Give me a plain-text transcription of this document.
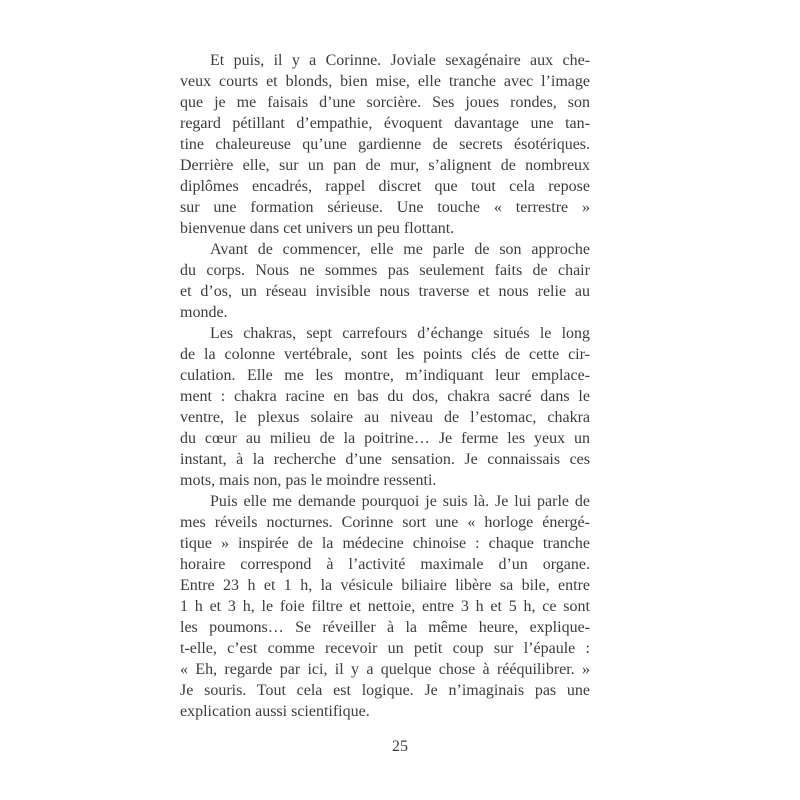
Et puis, il y a Corinne. Joviale sexagénaire aux che-
veux courts et blonds, bien mise, elle tranche avec l’image
que je me faisais d’une sorcière. Ses joues rondes, son
regard pétillant d’empathie, évoquent davantage une tan-
tine chaleureuse qu’une gardienne de secrets ésotériques.
Derrière elle, sur un pan de mur, s’alignent de nombreux
diplômes encadrés, rappel discret que tout cela repose
sur une formation sérieuse. Une touche « terrestre »
bienvenue dans cet univers un peu flottant.
Avant de commencer, elle me parle de son approche
du corps. Nous ne sommes pas seulement faits de chair
et d’os, un réseau invisible nous traverse et nous relie au
monde.
Les chakras, sept carrefours d’échange situés le long
de la colonne vertébrale, sont les points clés de cette cir-
culation. Elle me les montre, m’indiquant leur emplace-
ment : chakra racine en bas du dos, chakra sacré dans le
ventre, le plexus solaire au niveau de l’estomac, chakra
du cœur au milieu de la poitrine… Je ferme les yeux un
instant, à la recherche d’une sensation. Je connaissais ces
mots, mais non, pas le moindre ressenti.
Puis elle me demande pourquoi je suis là. Je lui parle de
mes réveils nocturnes. Corinne sort une « horloge énergé-
tique » inspirée de la médecine chinoise : chaque tranche
horaire correspond à l’activité maximale d’un organe.
Entre 23 h et 1 h, la vésicule biliaire libère sa bile, entre
1 h et 3 h, le foie filtre et nettoie, entre 3 h et 5 h, ce sont
les poumons… Se réveiller à la même heure, explique-
t-elle, c’est comme recevoir un petit coup sur l’épaule :
« Eh, regarde par ici, il y a quelque chose à rééquilibrer. »
Je souris. Tout cela est logique. Je n’imaginais pas une
explication aussi scientifique.
25
